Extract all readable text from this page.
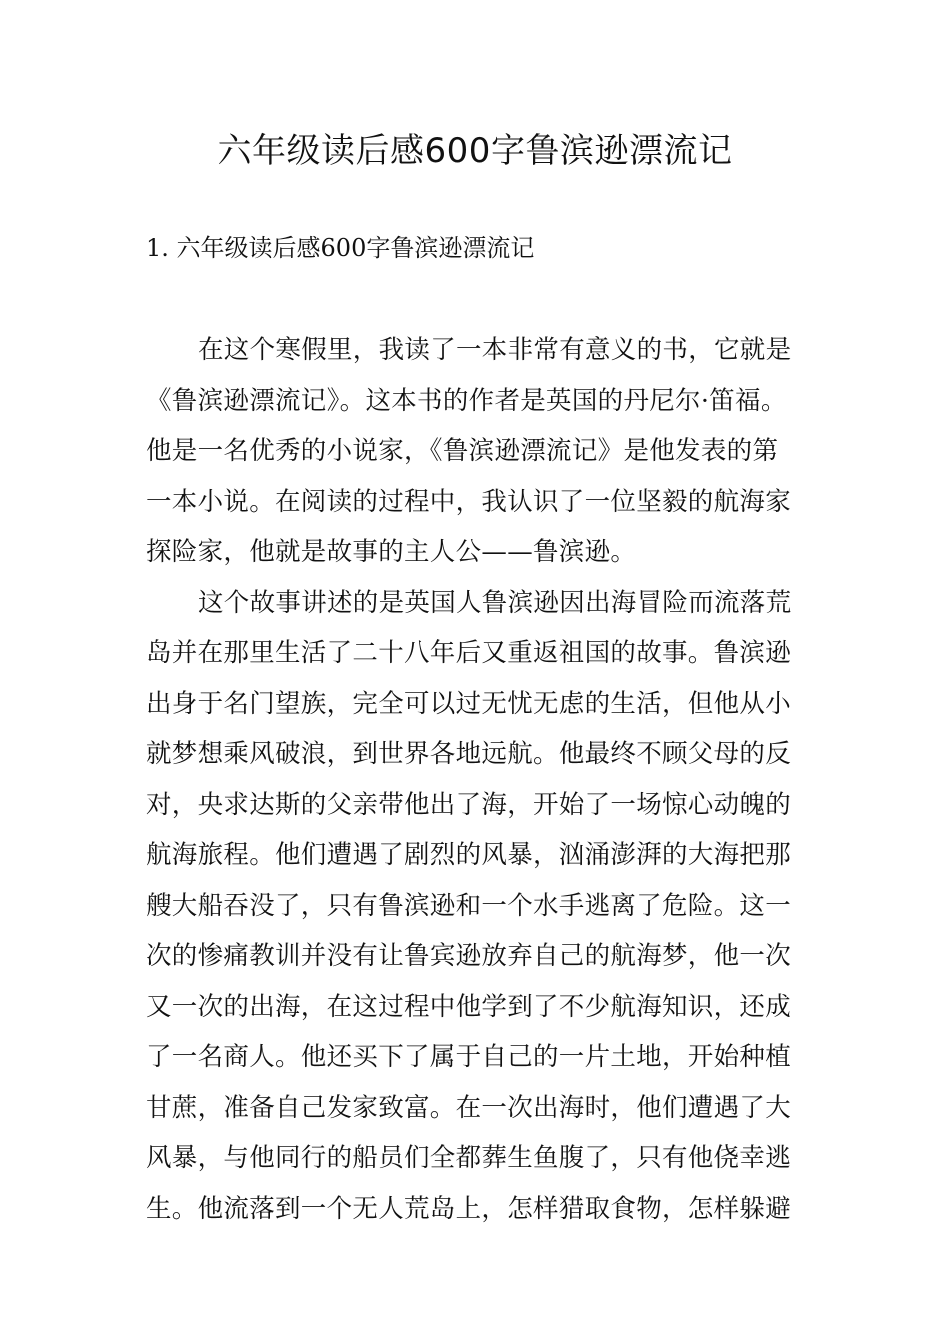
六年级读后感600字鲁滨逊漂流记
1. 六年级读后感600字鲁滨逊漂流记
在这个寒假里，我读了一本非常有意义的书，它就是
《鲁滨逊漂流记》。这本书的作者是英国的丹尼尔·笛福。
他是一名优秀的小说家，《鲁滨逊漂流记》是他发表的第
一本小说。在阅读的过程中，我认识了一位坚毅的航海家
探险家，他就是故事的主人公——鲁滨逊。
这个故事讲述的是英国人鲁滨逊因出海冒险而流落荒
岛并在那里生活了二十八年后又重返祖国的故事。鲁滨逊
出身于名门望族，完全可以过无忧无虑的生活，但他从小
就梦想乘风破浪，到世界各地远航。他最终不顾父母的反
对，央求达斯的父亲带他出了海，开始了一场惊心动魄的
航海旅程。他们遭遇了剧烈的风暴，汹涌澎湃的大海把那
艘大船吞没了，只有鲁滨逊和一个水手逃离了危险。这一
次的惨痛教训并没有让鲁宾逊放弃自己的航海梦，他一次
又一次的出海，在这过程中他学到了不少航海知识，还成
了一名商人。他还买下了属于自己的一片土地，开始种植
甘蔗，准备自己发家致富。在一次出海时，他们遭遇了大
风暴，与他同行的船员们全都葬生鱼腹了，只有他侥幸逃
生。他流落到一个无人荒岛上，怎样猎取食物，怎样躲避
